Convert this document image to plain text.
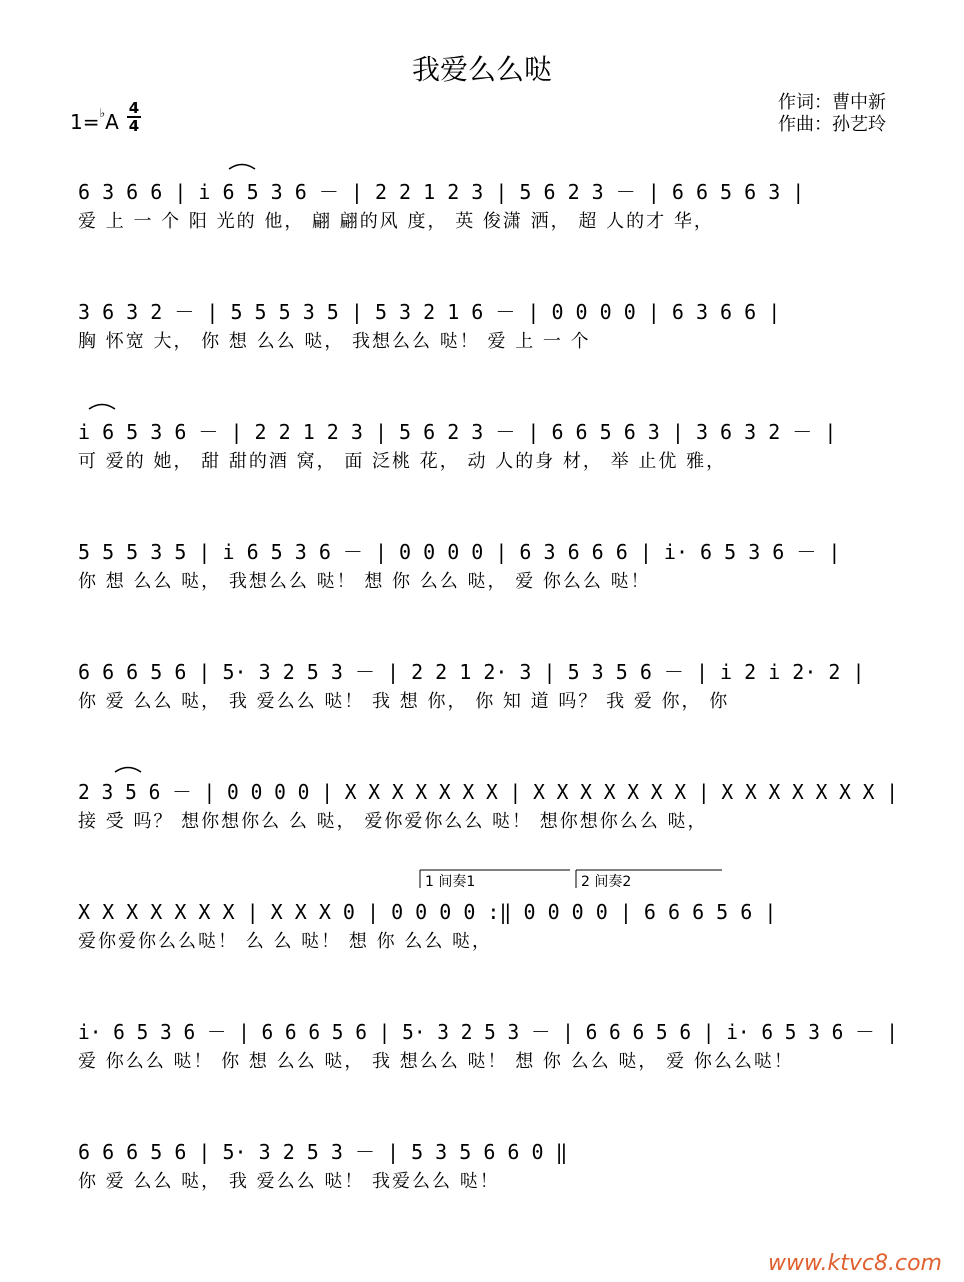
我爱么么哒
1=♭A
4
4
作词：曹中新
作曲：孙艺玲
6 3 6 6 | i 6 5 3 6 － | 2 2 1 2 3 | 5 6 2 3 － | 6 6 5 6 3 |
爱 上 一 个 阳 光的 他， 翩 翩的风 度， 英 俊潇 洒， 超 人的才 华，
3 6 3 2 － | 5 5 5 3 5 | 5 3 2 1 6 － | 0 0 0 0 | 6 3 6 6 |
胸 怀宽 大， 你 想 么么 哒， 我想么么 哒！ 爱 上 一 个
i 6 5 3 6 － | 2 2 1 2 3 | 5 6 2 3 － | 6 6 5 6 3 | 3 6 3 2 － |
可 爱的 她， 甜 甜的酒 窝， 面 泛桃 花， 动 人的身 材， 举 止优 雅，
5 5 5 3 5 | i 6 5 3 6 － | 0 0 0 0 | 6 3 6 6 6 | i· 6 5 3 6 － |
你 想 么么 哒， 我想么么 哒！ 想 你 么么 哒， 爱 你么么 哒！
6 6 6 5 6 | 5· 3 2 5 3 － | 2 2 1 2· 3 | 5 3 5 6 － | i 2 i 2· 2 |
你 爱 么么 哒， 我 爱么么 哒！ 我 想 你， 你 知 道 吗？ 我 爱 你， 你
2 3 5 6 － | 0 0 0 0 | X X X X X X X | X X X X X X X | X X X X X X X |
接 受 吗？ 想你想你么 么 哒， 爱你爱你么么 哒！ 想你想你么么 哒，
1 间奏1	2 间奏2
X X X X X X X | X X X 0 | 0 0 0 0 :‖ 0 0 0 0 | 6 6 6 5 6 |
爱你爱你么么哒！ 么 么 哒！ 想 你 么么 哒，
i· 6 5 3 6 － | 6 6 6 5 6 | 5· 3 2 5 3 － | 6 6 6 5 6 | i· 6 5 3 6 － |
爱 你么么 哒！ 你 想 么么 哒， 我 想么么 哒！ 想 你 么么 哒， 爱 你么么哒！
6 6 6 5 6 | 5· 3 2 5 3 － | 5 3 5 6 6 0 ‖
你 爱 么么 哒， 我 爱么么 哒！ 我爱么么 哒！
www.ktvc8.com
